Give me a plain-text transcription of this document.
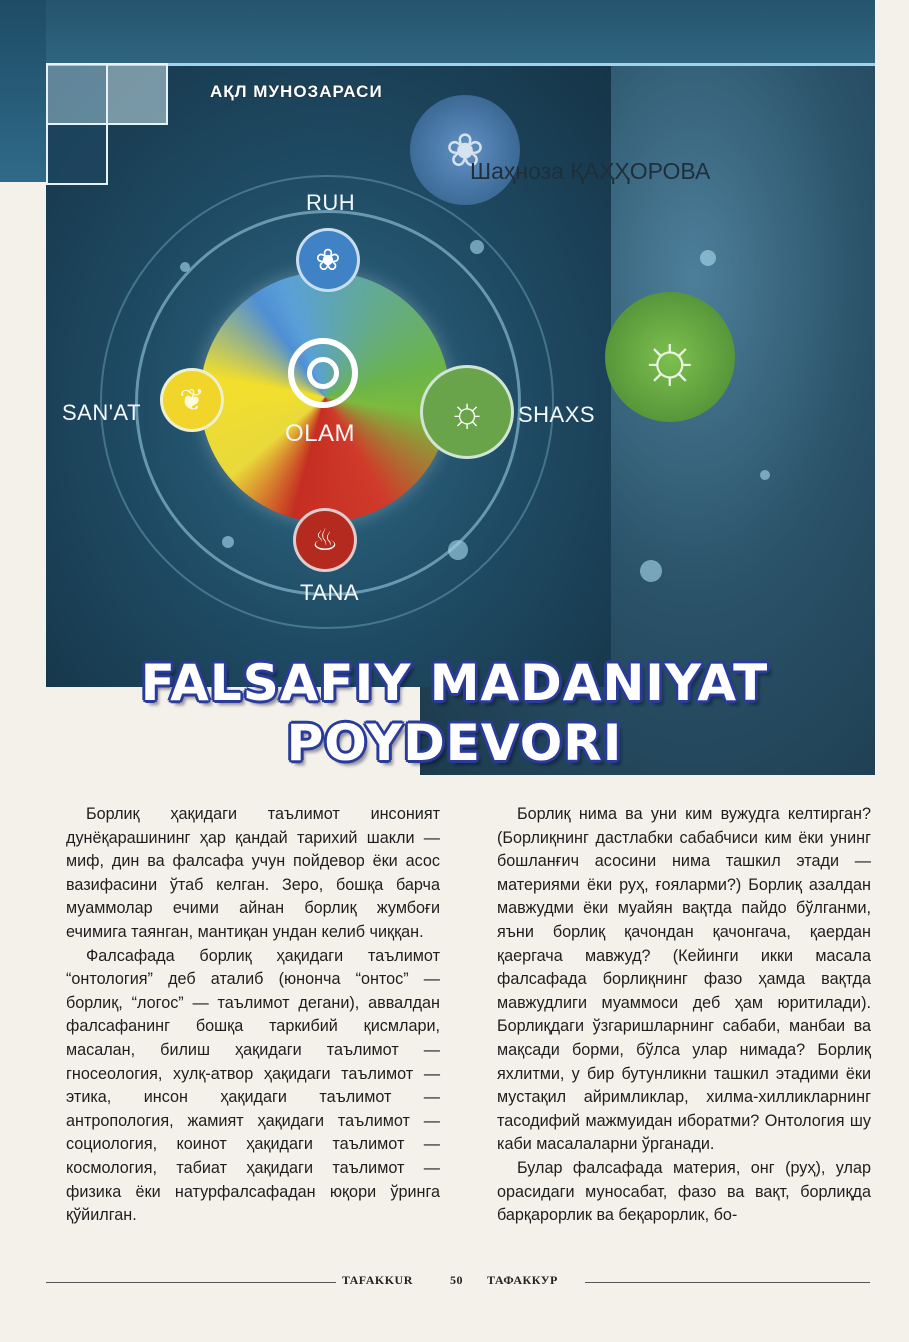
АҚЛ МУНОЗАРАСИ
❀
☼
Шаҳноза ҚАҲҲОРОВА
❀
❦	☼
♨
RUH
SAN'AT	SHAXS
TANA
OLAM
FALSAFIY MADANIYAT
POYDEVORI

Борлиқ ҳақидаги таълимот инсоният дунёқарашининг ҳар қандай тарихий шакли — миф, дин ва фалсафа учун пойдевор ёки асос вазифасини ўтаб келган. Зеро, бошқа барча муаммолар ечими айнан борлиқ жумбоғи ечимига таянган, мантиқан ундан келиб чиққан.

Фалсафада борлиқ ҳақидаги таълимот “онтология” деб аталиб (юнонча “онтос” — борлиқ, “логос” — таълимот дегани), аввалдан фалсафанинг бошқа таркибий қисмлари, масалан, билиш ҳақидаги таълимот — гносеология, хулқ-атвор ҳақидаги таълимот — этика, инсон ҳақидаги таълимот — антропология, жамият ҳақидаги таълимот — социология, коинот ҳақидаги таълимот — космология, табиат ҳақидаги таълимот — физика ёки натурфалсафадан юқори ўринга қўйилган.

Борлиқ нима ва уни ким вужудга келтирган? (Борлиқнинг дастлабки сабабчиси ким ёки унинг бошланғич асосини нима ташкил этади — материями ёки руҳ, ғояларми?) Борлиқ азалдан мавжудми ёки муайян вақтда пайдо бўлганми, яъни борлиқ қачондан қачонгача, қаердан қаергача мавжуд? (Кейинги икки масала фалсафада борлиқнинг фазо ҳамда вақтда мавжудлиги муаммоси деб ҳам юритилади). Борлиқдаги ўзгаришларнинг сабаби, манбаи ва мақсади борми, бўлса улар нимада? Борлиқ яхлитми, у бир бутунликни ташкил этадими ёки мустақил айримликлар, хилма-хилликларнинг тасодифий мажмуидан иборатми? Онтология шу каби масалаларни ўрганади.

Булар фалсафада материя, онг (руҳ), улар орасидаги муносабат, фазо ва вақт, борлиқда барқарорлик ва беқарорлик, бо-

TAFAKKUR	50 ТАФАККУР
